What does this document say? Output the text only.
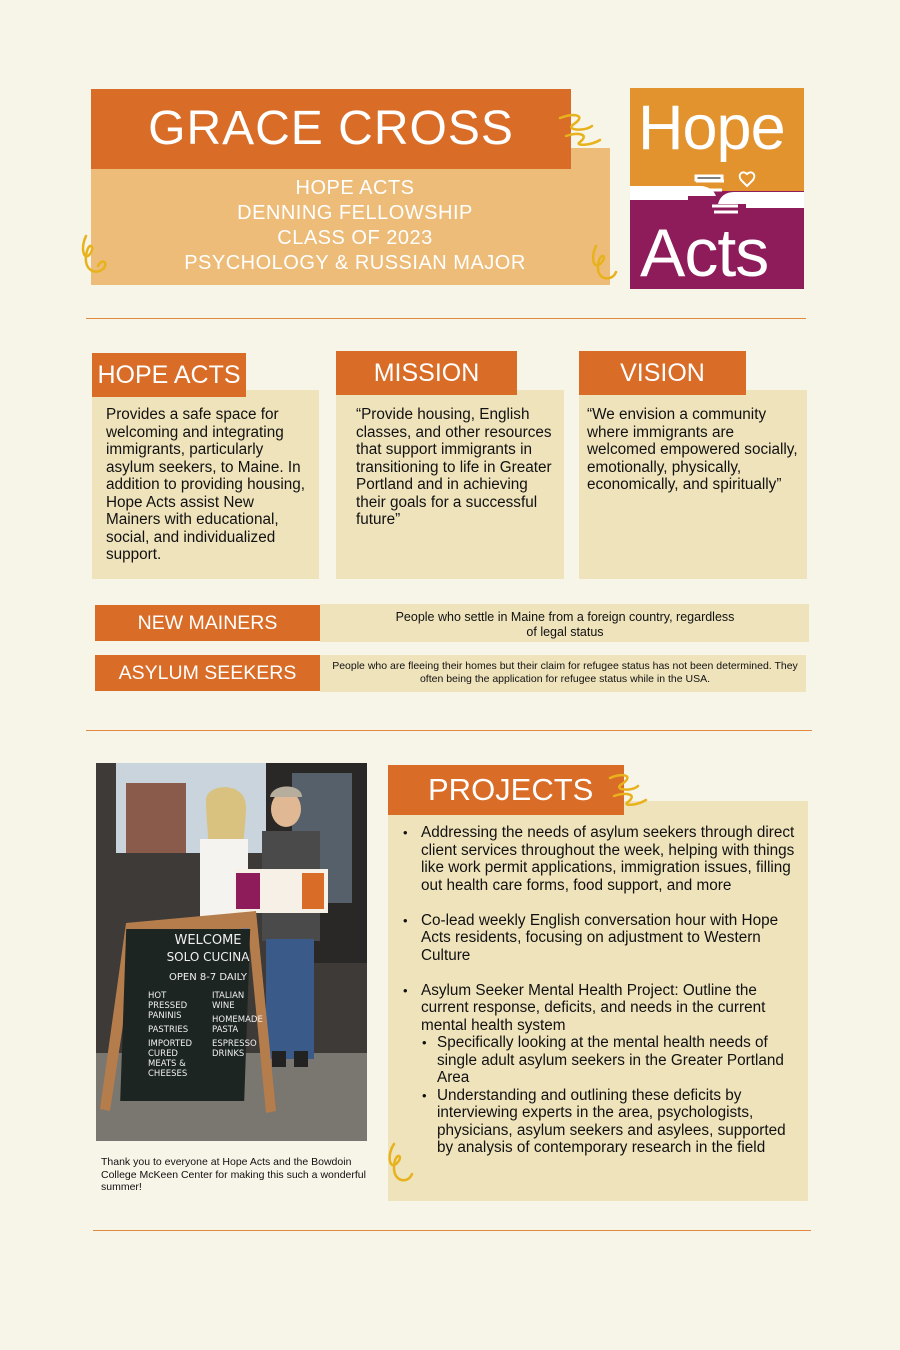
GRACE CROSS
HOPE ACTS
DENNING FELLOWSHIP
CLASS OF 2023
PSYCHOLOGY & RUSSIAN MAJOR
Hope
Acts
HOPE ACTS
Provides a safe space for welcoming and integrating immigrants, particularly asylum seekers, to Maine. In addition to providing housing, Hope Acts assist New Mainers with educational, social, and individualized support.
MISSION
“Provide housing, English classes, and other resources that support immigrants in transitioning to life in Greater Portland and in achieving their goals for a successful future”
VISION
“We envision a community where immigrants are welcomed empowered socially, emotionally, physically, economically, and spiritually”
NEW MAINERS	People who settle in Maine from a foreign country, regardless of legal status
ASYLUM SEEKERS	People who are fleeing their homes but their claim for refugee status has not been determined. They often being the application for refugee status while in the USA.
WELCOME
SOLO CUCINA
OPEN 8-7 DAILY
HOT PRESSED PANINIS
PASTRIES
IMPORTED CURED MEATS & CHEESES
ITALIAN WINE
HOMEMADE PASTA
ESPRESSO DRINKS
Thank you to everyone at Hope Acts and the Bowdoin College McKeen Center for making this such a wonderful summer!
PROJECTS
• Addressing the needs of asylum seekers through direct client services throughout the week, helping with things like work permit applications, immigration issues, filling out health care forms, food support, and more
• Co-lead weekly English conversation hour with Hope Acts residents, focusing on adjustment to Western Culture
• Asylum Seeker Mental Health Project: Outline the current response, deficits, and needs in the current mental health system
• Specifically looking at the mental health needs of single adult asylum seekers in the Greater Portland Area
• Understanding and outlining these deficits by interviewing experts in the area, psychologists, physicians, asylum seekers and asylees, supported by analysis of contemporary research in the field
